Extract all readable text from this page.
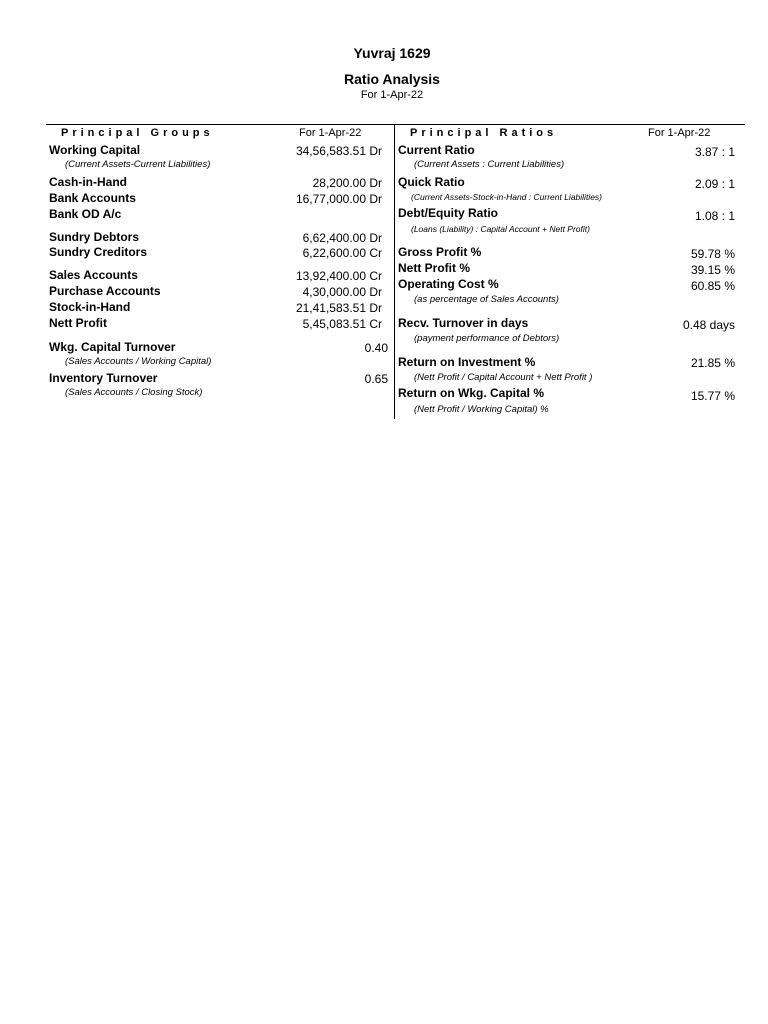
Yuvraj 1629
Ratio Analysis
For 1-Apr-22
Principal Groups	For 1-Apr-22
Working Capital	34,56,583.51 Dr
(Current Assets-Current Liabilities)
Cash-in-Hand	28,200.00 Dr
Bank Accounts	16,77,000.00 Dr
Bank OD A/c
Sundry Debtors	6,62,400.00 Dr
Sundry Creditors	6,22,600.00 Cr
Sales Accounts	13,92,400.00 Cr
Purchase Accounts	4,30,000.00 Dr
Stock-in-Hand	21,41,583.51 Dr
Nett Profit	5,45,083.51 Cr
Wkg. Capital Turnover	0.40
(Sales Accounts / Working Capital)
Inventory Turnover	0.65
(Sales Accounts / Closing Stock)
Principal Ratios	For 1-Apr-22
Current Ratio	3.87 : 1
(Current Assets : Current Liabilities)
Quick Ratio	2.09 : 1
(Current Assets-Stock-in-Hand : Current Liabilities)
Debt/Equity Ratio	1.08 : 1
(Loans (Liability) : Capital Account + Nett Profit)
Gross Profit %	59.78 %
Nett Profit %	39.15 %
Operating Cost %	60.85 %
(as percentage of Sales Accounts)
Recv. Turnover in days	0.48 days
(payment performance of Debtors)
Return on Investment %	21.85 %
(Nett Profit / Capital Account + Nett Profit )
Return on Wkg. Capital %	15.77 %
(Nett Profit / Working Capital) %
